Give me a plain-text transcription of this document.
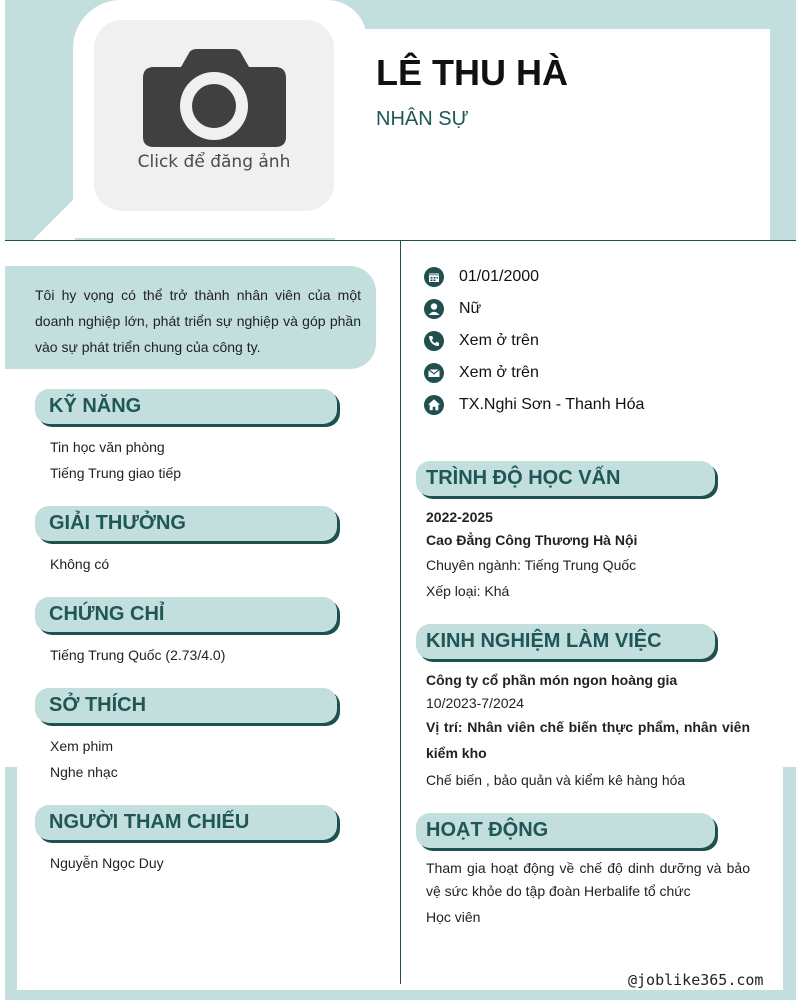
Click để đăng ảnh
LÊ THU HÀ
NHÂN SỰ
Tôi hy vọng có thể trở thành nhân viên của một doanh nghiệp lớn, phát triển sự nghiệp và góp phần vào sự phát triển chung của công ty.
KỸ NĂNG
Tin học văn phòng
Tiếng Trung giao tiếp
GIẢI THƯỞNG
Không có
CHỨNG CHỈ
Tiếng Trung Quốc (2.73/4.0)
SỞ THÍCH
Xem phim
Nghe nhạc
NGƯỜI THAM CHIẾU
Nguyễn Ngọc Duy
01/01/2000
Nữ
Xem ở trên
Xem ở trên
TX.Nghi Sơn - Thanh Hóa
TRÌNH ĐỘ HỌC VẤN
2022-2025
Cao Đẳng Công Thương Hà Nội
Chuyên ngành: Tiếng Trung Quốc
Xếp loại: Khá
KINH NGHIỆM LÀM VIỆC
Công ty cổ phần món ngon hoàng gia
10/2023-7/2024
Vị trí: Nhân viên chế biến thực phẩm, nhân viên kiểm kho
Chế biến , bảo quản và kiểm kê hàng hóa
HOẠT ĐỘNG
Tham gia hoạt động về chế độ dinh dưỡng và bảo vệ sức khỏe do tập đoàn Herbalife tổ chức
Học viên
@joblike365.com
